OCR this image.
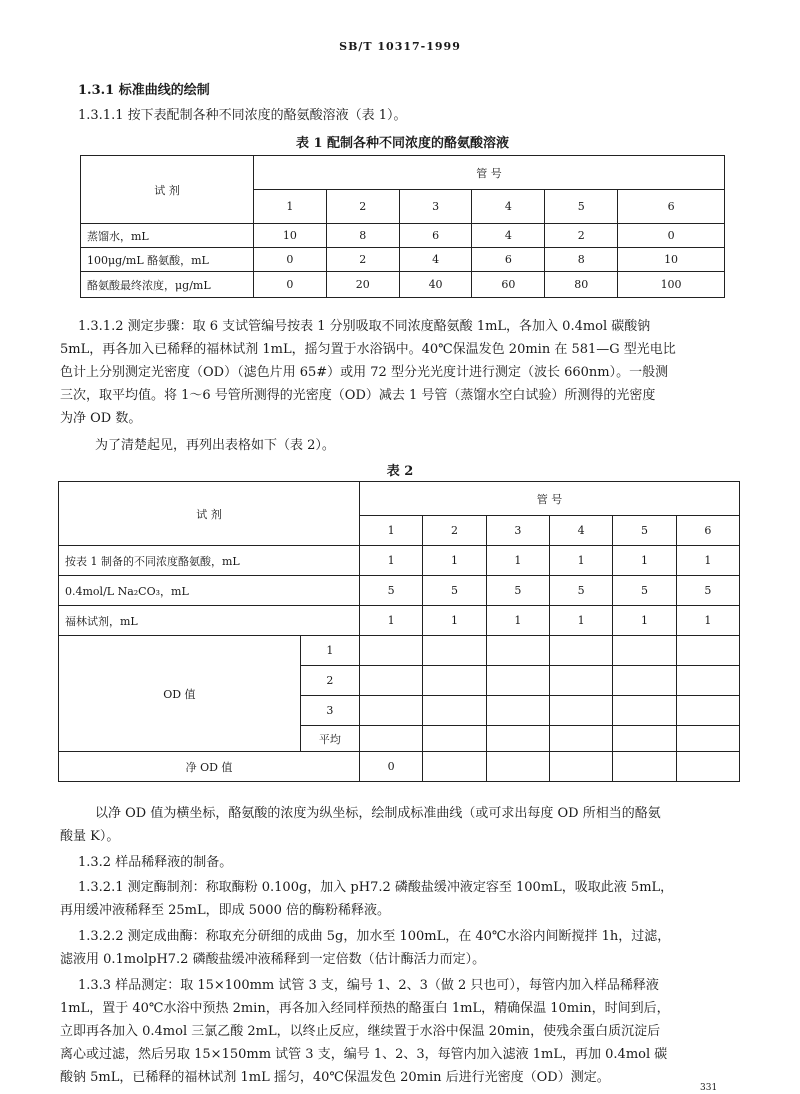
SB/T 10317-1999

1.3.1 标准曲线的绘制

1.3.1.1 按下表配制各种不同浓度的酪氨酸溶液（表 1）。

表 1 配制各种不同浓度的酪氨酸溶液
试 剂	管 号					
	1	2	3	4	5	6
蒸馏水，mL	10	8	6	4	2	0
100μg/mL 酪氨酸，mL	0	2	4	6	8	10
酪氨酸最终浓度，μg/mL	0	20	40	60	80	100

1.3.1.2 测定步骤：取 6 支试管编号按表 1 分别吸取不同浓度酪氨酸 1mL，各加入 0.4mol 碳酸钠

5mL，再各加入已稀释的福林试剂 1mL，摇匀置于水浴锅中。40℃保温发色 20min 在 581—G 型光电比

色计上分别测定光密度（OD）（滤色片用 65#）或用 72 型分光光度计进行测定（波长 660nm）。一般测

三次，取平均值。将 1～6 号管所测得的光密度（OD）减去 1 号管（蒸馏水空白试验）所测得的光密度

为净 OD 数。

为了清楚起见，再列出表格如下（表 2）。

表 2
试 剂		管 号					
		1	2	3	4	5	6
按表 1 制备的不同浓度酪氨酸，mL		1	1	1	1	1	1
0.4mol/L Na₂CO₃，mL		5	5	5	5	5	5
福林试剂，mL		1	1	1	1	1	1
OD 值	1						
	2						
	3						
	平均						
净 OD 值		0					

以净 OD 值为横坐标，酪氨酸的浓度为纵坐标，绘制成标准曲线（或可求出每度 OD 所相当的酪氨

酸量 K）。

1.3.2 样品稀释液的制备。

1.3.2.1 测定酶制剂：称取酶粉 0.100g，加入 pH7.2 磷酸盐缓冲液定容至 100mL，吸取此液 5mL，

再用缓冲液稀释至 25mL，即成 5000 倍的酶粉稀释液。

1.3.2.2 测定成曲酶：称取充分研细的成曲 5g，加水至 100mL，在 40℃水浴内间断搅拌 1h，过滤，

滤液用 0.1molpH7.2 磷酸盐缓冲液稀释到一定倍数（估计酶活力而定）。

1.3.3 样品测定：取 15×100mm 试管 3 支，编号 1、2、3（做 2 只也可），每管内加入样品稀释液

1mL，置于 40℃水浴中预热 2min，再各加入经同样预热的酪蛋白 1mL，精确保温 10min，时间到后，

立即再各加入 0.4mol 三氯乙酸 2mL，以终止反应，继续置于水浴中保温 20min，使残余蛋白质沉淀后

离心或过滤，然后另取 15×150mm 试管 3 支，编号 1、2、3，每管内加入滤液 1mL，再加 0.4mol 碳

酸钠 5mL，已稀释的福林试剂 1mL 摇匀，40℃保温发色 20min 后进行光密度（OD）测定。

331
